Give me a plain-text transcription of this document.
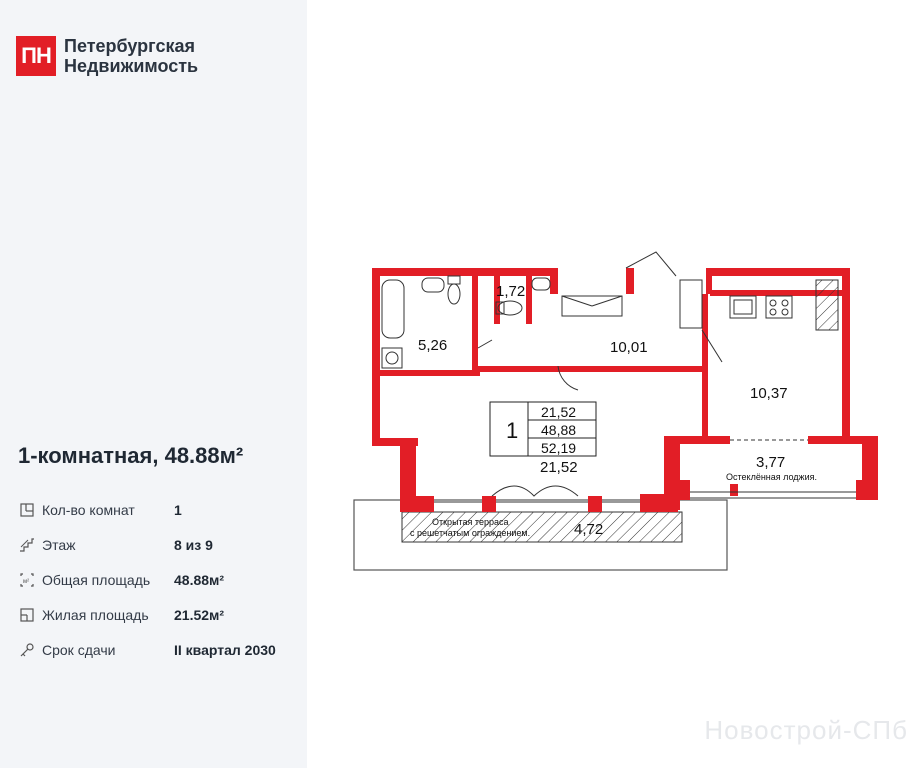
ПН Петербургская
Недвижимость
1-комнатная, 48.88м²
Кол-во комнат	1
Этаж	8 из 9
м² Общая площадь	48.88м²
Жилая площадь	21.52м²
Срок сдачи	II квартал 2030
1
21,52
48,88
52,19
5,26
1,72
10,01
10,37
21,52	3,77
4,72
Остеклённая лоджия.
Открытая терраса
с решетчатым ограждением.
Новострой-СПб
